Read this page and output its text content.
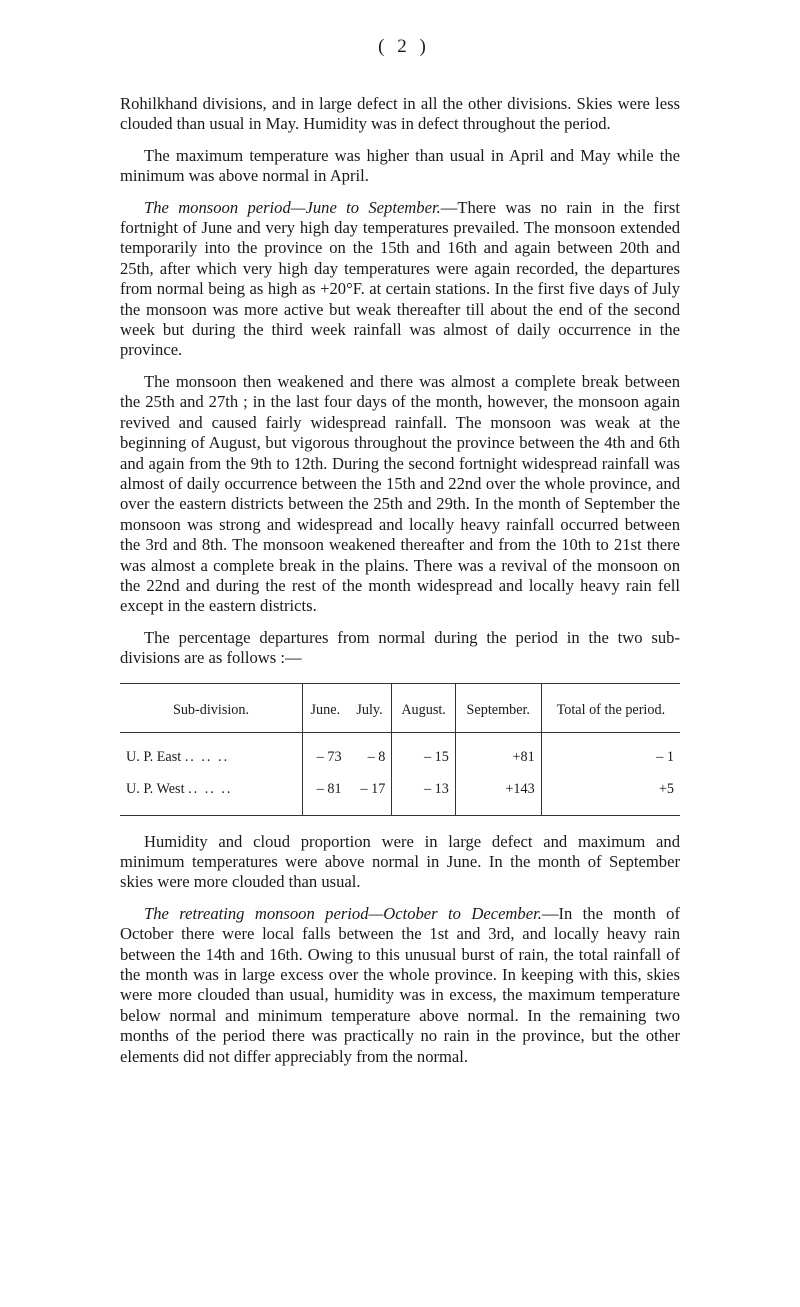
( 2 )

Rohilkhand divisions, and in large defect in all the other divisions. Skies were less clouded than usual in May. Humidity was in defect throughout the period.

The maximum temperature was higher than usual in April and May while the minimum was above normal in April.

The monsoon period—June to September.—There was no rain in the first fortnight of June and very high day temperatures prevailed. The monsoon extended temporarily into the province on the 15th and 16th and again between 20th and 25th, after which very high day temperatures were again recorded, the departures from normal being as high as +20°F. at certain stations. In the first five days of July the monsoon was more active but weak thereafter till about the end of the second week but during the third week rainfall was almost of daily occurrence in the province.

The monsoon then weakened and there was almost a complete break between the 25th and 27th ; in the last four days of the month, however, the monsoon again revived and caused fairly widespread rainfall. The monsoon was weak at the beginning of August, but vigorous throughout the province between the 4th and 6th and again from the 9th to 12th. During the second fortnight widespread rainfall was almost of daily occurrence between the 15th and 22nd over the whole province, and over the eastern districts between the 25th and 29th. In the month of September the monsoon was strong and widespread and locally heavy rainfall occurred between the 3rd and 8th. The monsoon weakened thereafter and from the 10th to 21st there was almost a complete break in the plains. There was a revival of the monsoon on the 22nd and during the rest of the month widespread and locally heavy rain fell except in the eastern districts.

The percentage departures from normal during the period in the two sub-divisions are as follows :—

Sub-division.	June.	July.	August.	September.	Total of the period.
U. P. East .. .. ..	– 73	– 8	– 15	+81	– 1
U. P. West .. .. ..	– 81	– 17	– 13	+143	+5

Humidity and cloud proportion were in large defect and maximum and minimum temperatures were above normal in June. In the month of September skies were more clouded than usual.

The retreating monsoon period—October to December.—In the month of October there were local falls between the 1st and 3rd, and locally heavy rain between the 14th and 16th. Owing to this unusual burst of rain, the total rainfall of the month was in large excess over the whole province. In keeping with this, skies were more clouded than usual, humidity was in excess, the maximum temperature below normal and minimum temperature above normal. In the remaining two months of the period there was practically no rain in the province, but the other elements did not differ appreciably from the normal.
